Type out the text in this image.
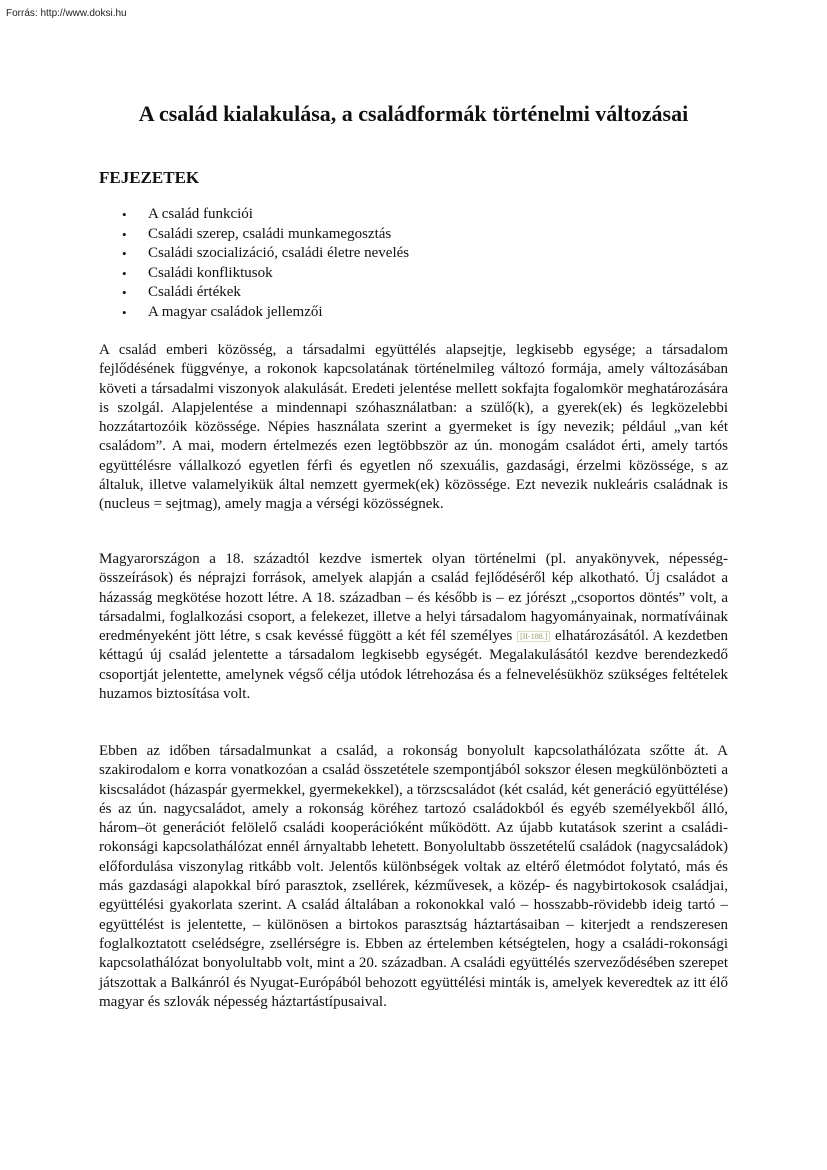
Forrás: http://www.doksi.hu
A család kialakulása, a családformák történelmi változásai
FEJEZETEK
• A család funkciói
• Családi szerep, családi munkamegosztás
• Családi szocializáció, családi életre nevelés
• Családi konfliktusok
• Családi értékek
• A magyar családok jellemzői

A család emberi közösség, a társadalmi együttélés alapsejtje, legkisebb egysége; a társadalom fejlődésének függvénye, a rokonok kapcsolatának történelmileg változó formája, amely változásában követi a társadalmi viszonyok alakulását. Eredeti jelentése mellett sokfajta fogalomkör meghatározására is szolgál. Alapjelentése a mindennapi szóhasználatban: a szülő(k), a gyerek(ek) és legközelebbi hozzátartozóik közössége. Népies használata szerint a gyermeket is így nevezik; például „van két családom”. A mai, modern értelmezés ezen legtöbbször az ún. monogám családot érti, amely tartós együttélésre vállalkozó egyetlen férfi és egyetlen nő szexuális, gazdasági, érzelmi közössége, s az általuk, illetve valamelyikük által nemzett gyermek(ek) közössége. Ezt nevezik nukleáris családnak is (nucleus = sejtmag), amely magja a vérségi közösségnek.

Magyarországon a 18. századtól kezdve ismertek olyan történelmi (pl. anyakönyvek, népesség-összeírások) és néprajzi források, amelyek alapján a család fejlődéséről kép alkotható. Új családot a házasság megkötése hozott létre. A 18. században – és később is – ez jórészt „csoportos döntés” volt, a társadalmi, foglalkozási csoport, a felekezet, illetve a helyi társadalom hagyományainak, normatíváinak eredményeként jött létre, s csak kevéssé függött a két fél személyes [II-188.] elhatározásától. A kezdetben kéttagú új család jelentette a társadalom legkisebb egységét. Megalakulásától kezdve berendezkedő csoportját jelentette, amelynek végső célja utódok létrehozása és a felnevelésükhöz szükséges feltételek huzamos biztosítása volt.

Ebben az időben társadalmunkat a család, a rokonság bonyolult kapcsolathálózata szőtte át. A szakirodalom e korra vonatkozóan a család összetétele szempontjából sokszor élesen megkülönbözteti a kiscsaládot (házaspár gyermekkel, gyermekekkel), a törzscsaládot (két család, két generáció együttélése) és az ún. nagycsaládot, amely a rokonság köréhez tartozó családokból és egyéb személyekből álló, három–öt generációt felölelő családi kooperációként működött. Az újabb kutatások szerint a családi-rokonsági kapcsolathálózat ennél árnyaltabb lehetett. Bonyolultabb összetételű családok (nagycsaládok) előfordulása viszonylag ritkább volt. Jelentős különbségek voltak az eltérő életmódot folytató, más és más gazdasági alapokkal bíró parasztok, zsellérek, kézművesek, a közép- és nagybirtokosok családjai, együttélési gyakorlata szerint. A család általában a rokonokkal való – hosszabb-rövidebb ideig tartó – együttélést is jelentette, – különösen a birtokos parasztság háztartásaiban – kiterjedt a rendszeresen foglalkoztatott cselédségre, zsellérségre is. Ebben az értelemben kétségtelen, hogy a családi-rokonsági kapcsolathálózat bonyolultabb volt, mint a 20. században. A családi együttélés szerveződésében szerepet játszottak a Balkánról és Nyugat-Európából behozott együttélési minták is, amelyek keveredtek az itt élő magyar és szlovák népesség háztartástípusaival.
